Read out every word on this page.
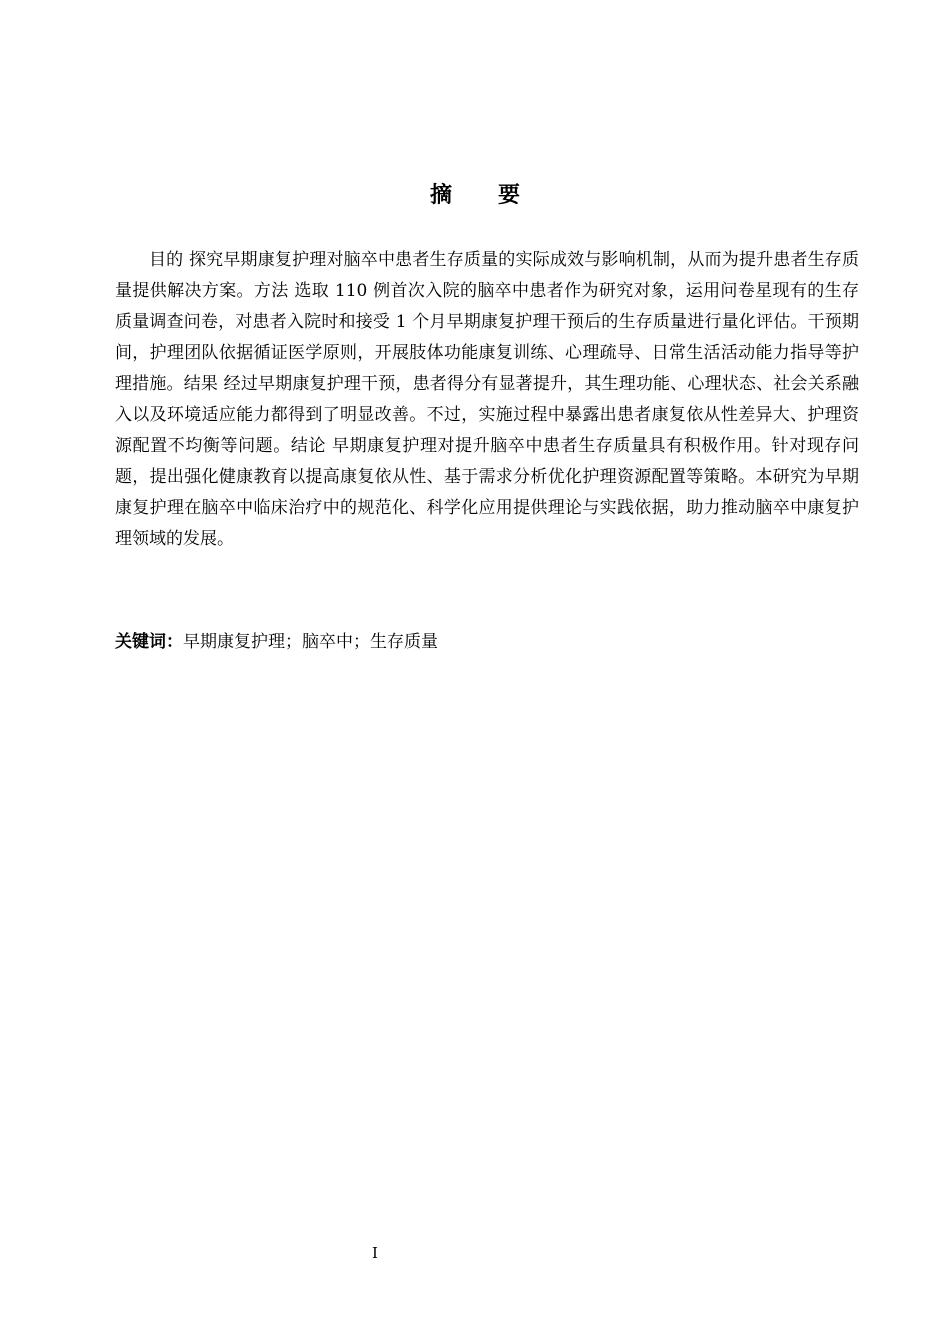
摘 要

目的 探究早期康复护理对脑卒中患者生存质量的实际成效与影响机制，从而为提升患者生存质量提供解决方案。方法 选取 110 例首次入院的脑卒中患者作为研究对象，运用问卷星现有的生存质量调查问卷，对患者入院时和接受 1 个月早期康复护理干预后的生存质量进行量化评估。干预期间，护理团队依据循证医学原则，开展肢体功能康复训练、心理疏导、日常生活活动能力指导等护理措施。结果 经过早期康复护理干预，患者得分有显著提升，其生理功能、心理状态、社会关系融入以及环境适应能力都得到了明显改善。不过，实施过程中暴露出患者康复依从性差异大、护理资源配置不均衡等问题。结论 早期康复护理对提升脑卒中患者生存质量具有积极作用。针对现存问题，提出强化健康教育以提高康复依从性、基于需求分析优化护理资源配置等策略。本研究为早期康复护理在脑卒中临床治疗中的规范化、科学化应用提供理论与实践依据，助力推动脑卒中康复护理领域的发展。

关键词：早期康复护理；脑卒中；生存质量
I
